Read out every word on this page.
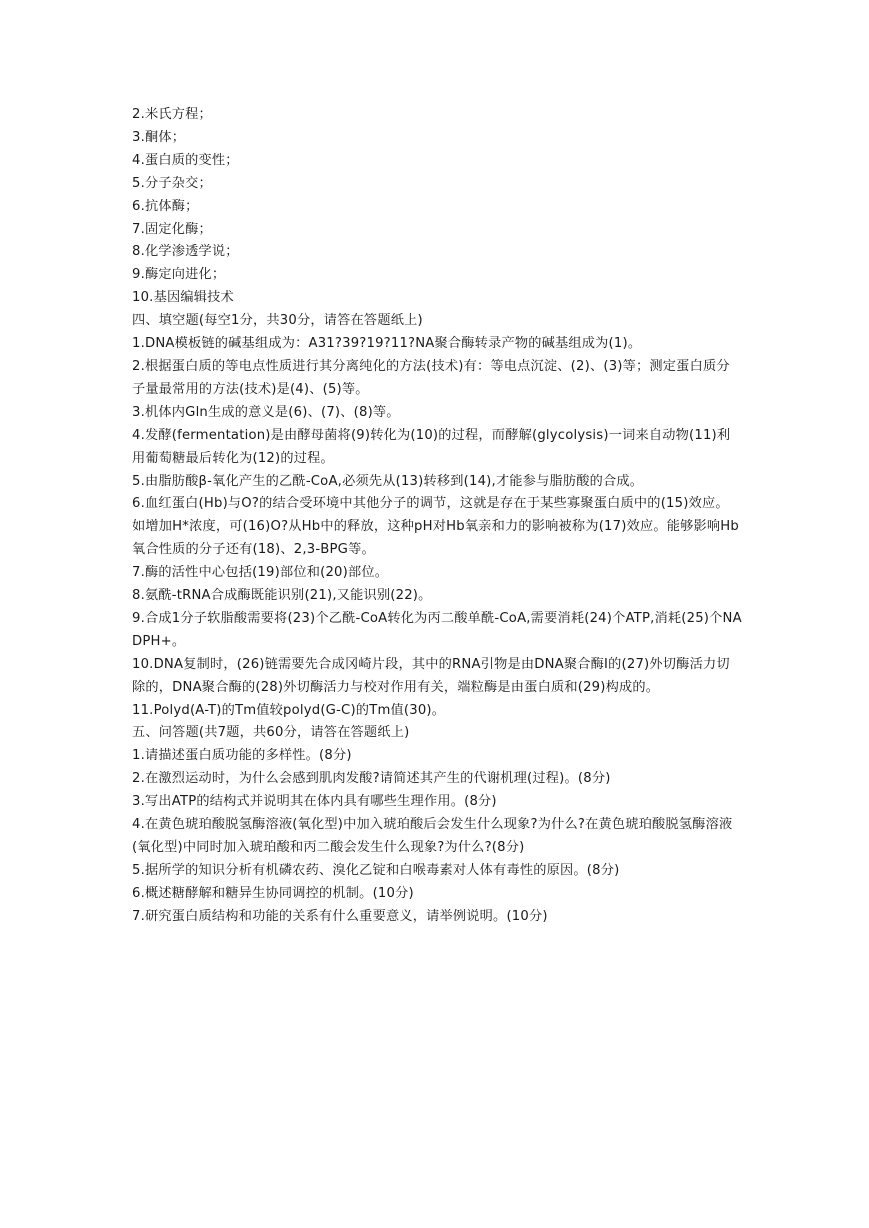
2.米氏方程；

3.酮体；

4.蛋白质的变性；

5.分子杂交；

6.抗体酶；

7.固定化酶；

8.化学渗透学说；

9.酶定向进化；

10.基因编辑技术

四、填空题(每空1分，共30分，请答在答题纸上)

1.DNA模板链的碱基组成为：A31?39?19?11?NA聚合酶转录产物的碱基组成为(1)。

2.根据蛋白质的等电点性质进行其分离纯化的方法(技术)有：等电点沉淀、(2)、(3)等；测定蛋白质分子量最常用的方法(技术)是(4)、(5)等。

3.机体内Gln生成的意义是(6)、(7)、(8)等。

4.发酵(fermentation)是由酵母菌将(9)转化为(10)的过程，而酵解(glycolysis)一词来自动物(11)利用葡萄糖最后转化为(12)的过程。

5.由脂肪酸β-氧化产生的乙酰-CoA,必须先从(13)转移到(14),才能参与脂肪酸的合成。

6.血红蛋白(Hb)与O?的结合受环境中其他分子的调节，这就是存在于某些寡聚蛋白质中的(15)效应。如增加H*浓度，可(16)O?从Hb中的释放，这种pH对Hb氧亲和力的影响被称为(17)效应。能够影响Hb氧合性质的分子还有(18)、2,3-BPG等。

7.酶的活性中心包括(19)部位和(20)部位。

8.氨酰-tRNA合成酶既能识别(21),又能识别(22)。

9.合成1分子软脂酸需要将(23)个乙酰-CoA转化为丙二酸单酰-CoA,需要消耗(24)个ATP,消耗(25)个NADPH+。

10.DNA复制时，(26)链需要先合成冈崎片段，其中的RNA引物是由DNA聚合酶I的(27)外切酶活力切除的，DNA聚合酶的(28)外切酶活力与校对作用有关，端粒酶是由蛋白质和(29)构成的。

11.Polyd(A-T)的Tm值较polyd(G-C)的Tm值(30)。

五、问答题(共7题，共60分，请答在答题纸上)

1.请描述蛋白质功能的多样性。(8分)

2.在激烈运动时，为什么会感到肌肉发酸?请简述其产生的代谢机理(过程)。(8分)

3.写出ATP的结构式并说明其在体内具有哪些生理作用。(8分)

4.在黄色琥珀酸脱氢酶溶液(氧化型)中加入琥珀酸后会发生什么现象?为什么?在黄色琥珀酸脱氢酶溶液(氧化型)中同时加入琥珀酸和丙二酸会发生什么现象?为什么?(8分)

5.据所学的知识分析有机磷农药、溴化乙锭和白喉毒素对人体有毒性的原因。(8分)

6.概述糖酵解和糖异生协同调控的机制。(10分)

7.研究蛋白质结构和功能的关系有什么重要意义，请举例说明。(10分)
